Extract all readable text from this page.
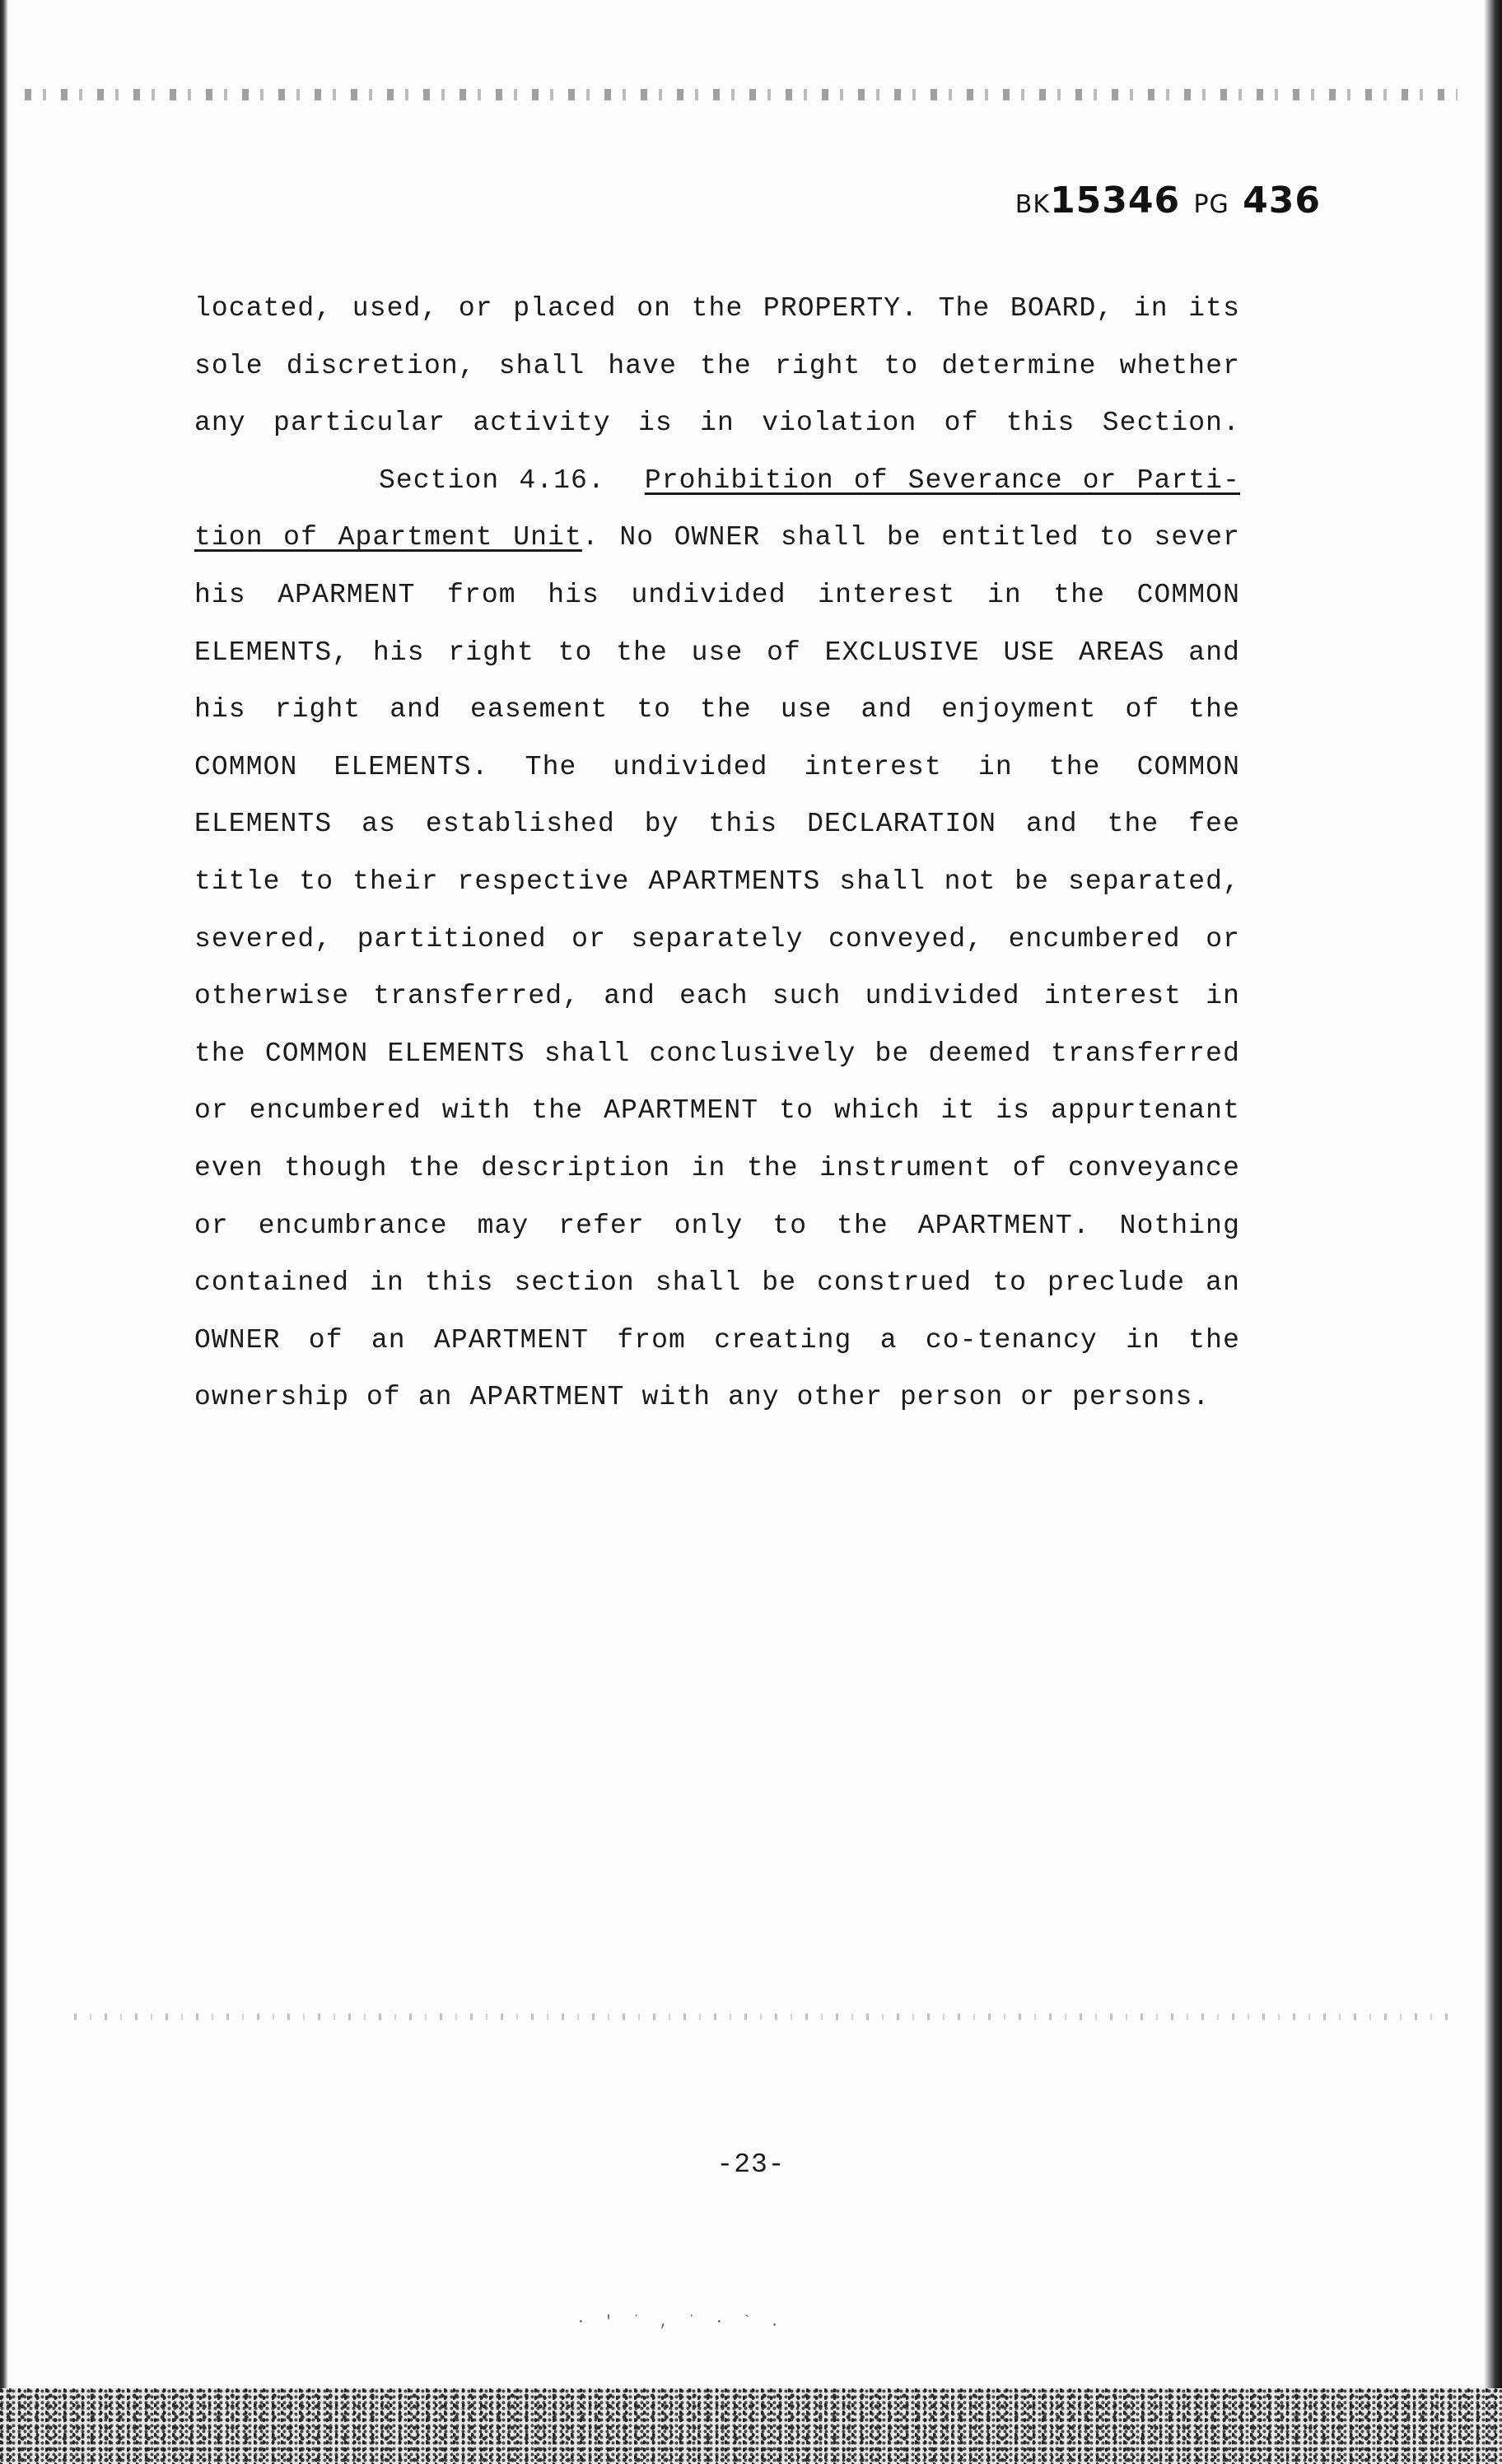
BK15346 PG 436
located, used, or placed on the PROPERTY. The BOARD, in its
sole discretion, shall have the right to determine whether
any particular activity is in violation of this Section.
Section 4.16. Prohibition of Severance or Parti-
tion of Apartment Unit. No OWNER shall be entitled to sever
his APARMENT from his undivided interest in the COMMON
ELEMENTS, his right to the use of EXCLUSIVE USE AREAS and
his right and easement to the use and enjoyment of the
COMMON ELEMENTS. The undivided interest in the COMMON
ELEMENTS as established by this DECLARATION and the fee
title to their respective APARTMENTS shall not be separated,
severed, partitioned or separately conveyed, encumbered or
otherwise transferred, and each such undivided interest in
the COMMON ELEMENTS shall conclusively be deemed transferred
or encumbered with the APARTMENT to which it is appurtenant
even though the description in the instrument of conveyance
or encumbrance may refer only to the APARTMENT. Nothing
contained in this section shall be construed to preclude an
OWNER of an APARTMENT from creating a co-tenancy in the
ownership of an APARTMENT with any other person or persons.
-23-
· ' ˙ , ˙ · ` .
